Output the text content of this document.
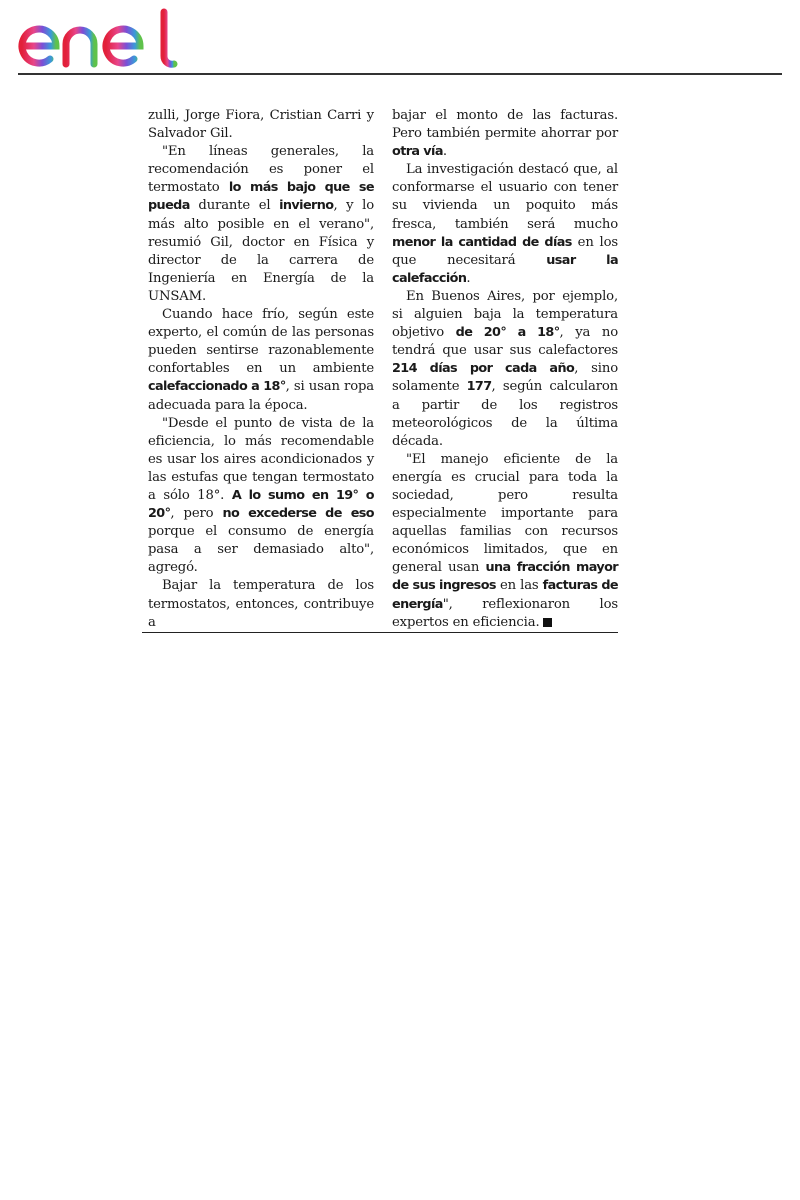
zulli, Jorge Fiora, Cristian Carri y Salvador Gil.

"En líneas generales, la recomendación es poner el termostato lo más bajo que se pueda durante el invierno, y lo más alto posible en el verano", resumió Gil, doctor en Física y director de la carrera de Ingeniería en Energía de la UNSAM.

Cuando hace frío, según este experto, el común de las personas pueden sentirse razonablemente confortables en un ambiente calefaccionado a 18°, si usan ropa adecuada para la época.

"Desde el punto de vista de la eficiencia, lo más recomendable es usar los aires acondicionados y las estufas que tengan termostato a sólo 18°. A lo sumo en 19° o 20°, pero no excederse de eso porque el consumo de energía pasa a ser demasiado alto", agregó.

Bajar la temperatura de los termostatos, entonces, contribuye a

bajar el monto de las facturas. Pero también permite ahorrar por otra vía.

La investigación destacó que, al conformarse el usuario con tener su vivienda un poquito más fresca, también será mucho menor la cantidad de días en los que necesitará usar la calefacción.

En Buenos Aires, por ejemplo, si alguien baja la temperatura objetivo de 20° a 18°, ya no tendrá que usar sus calefactores 214 días por cada año, sino solamente 177, según calcularon a partir de los registros meteorológicos de la última década.

"El manejo eficiente de la energía es crucial para toda la sociedad, pero resulta especialmente importante para aquellas familias con recursos económicos limitados, que en general usan una fracción mayor de sus ingresos en las facturas de energía", reflexionaron los expertos en eficiencia.
